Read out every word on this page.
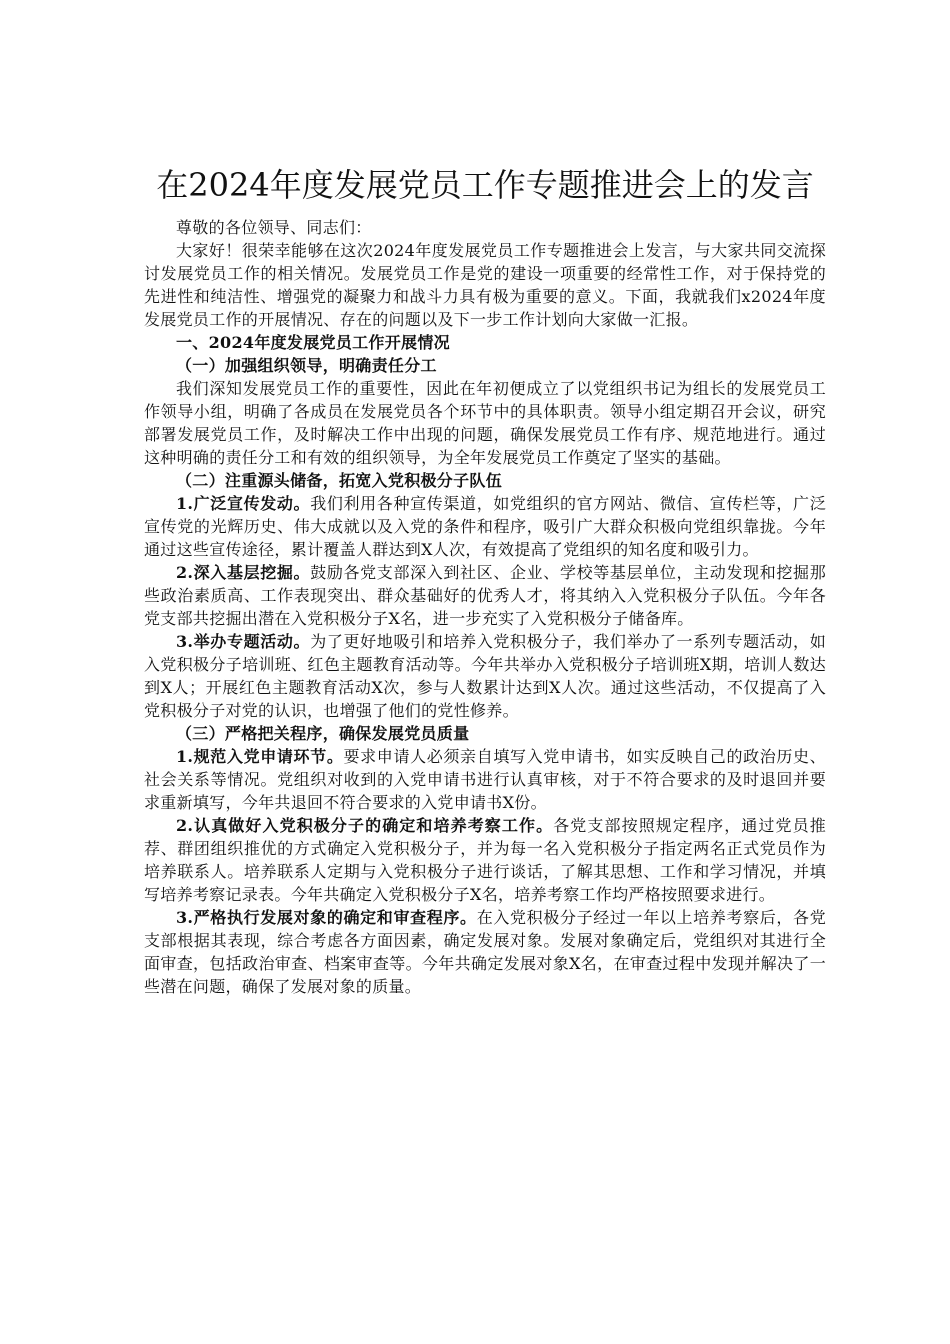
在2024年度发展党员工作专题推进会上的发言

尊敬的各位领导、同志们：

大家好！很荣幸能够在这次2024年度发展党员工作专题推进会上发言，与大家共同交流探讨发展党员工作的相关情况。发展党员工作是党的建设一项重要的经常性工作，对于保持党的先进性和纯洁性、增强党的凝聚力和战斗力具有极为重要的意义。下面，我就我们x2024年度发展党员工作的开展情况、存在的问题以及下一步工作计划向大家做一汇报。

一、2024年度发展党员工作开展情况

（一）加强组织领导，明确责任分工

我们深知发展党员工作的重要性，因此在年初便成立了以党组织书记为组长的发展党员工作领导小组，明确了各成员在发展党员各个环节中的具体职责。领导小组定期召开会议，研究部署发展党员工作，及时解决工作中出现的问题，确保发展党员工作有序、规范地进行。通过这种明确的责任分工和有效的组织领导，为全年发展党员工作奠定了坚实的基础。

（二）注重源头储备，拓宽入党积极分子队伍

1.广泛宣传发动。我们利用各种宣传渠道，如党组织的官方网站、微信、宣传栏等，广泛宣传党的光辉历史、伟大成就以及入党的条件和程序，吸引广大群众积极向党组织靠拢。今年通过这些宣传途径，累计覆盖人群达到X人次，有效提高了党组织的知名度和吸引力。

2.深入基层挖掘。鼓励各党支部深入到社区、企业、学校等基层单位，主动发现和挖掘那些政治素质高、工作表现突出、群众基础好的优秀人才，将其纳入入党积极分子队伍。今年各党支部共挖掘出潜在入党积极分子X名，进一步充实了入党积极分子储备库。

3.举办专题活动。为了更好地吸引和培养入党积极分子，我们举办了一系列专题活动，如入党积极分子培训班、红色主题教育活动等。今年共举办入党积极分子培训班X期，培训人数达到X人；开展红色主题教育活动X次，参与人数累计达到X人次。通过这些活动，不仅提高了入党积极分子对党的认识，也增强了他们的党性修养。

（三）严格把关程序，确保发展党员质量

1.规范入党申请环节。要求申请人必须亲自填写入党申请书，如实反映自己的政治历史、社会关系等情况。党组织对收到的入党申请书进行认真审核，对于不符合要求的及时退回并要求重新填写，今年共退回不符合要求的入党申请书X份。

2.认真做好入党积极分子的确定和培养考察工作。各党支部按照规定程序，通过党员推荐、群团组织推优的方式确定入党积极分子，并为每一名入党积极分子指定两名正式党员作为培养联系人。培养联系人定期与入党积极分子进行谈话，了解其思想、工作和学习情况，并填写培养考察记录表。今年共确定入党积极分子X名，培养考察工作均严格按照要求进行。

3.严格执行发展对象的确定和审查程序。在入党积极分子经过一年以上培养考察后，各党支部根据其表现，综合考虑各方面因素，确定发展对象。发展对象确定后，党组织对其进行全面审查，包括政治审查、档案审查等。今年共确定发展对象X名，在审查过程中发现并解决了一些潜在问题，确保了发展对象的质量。
